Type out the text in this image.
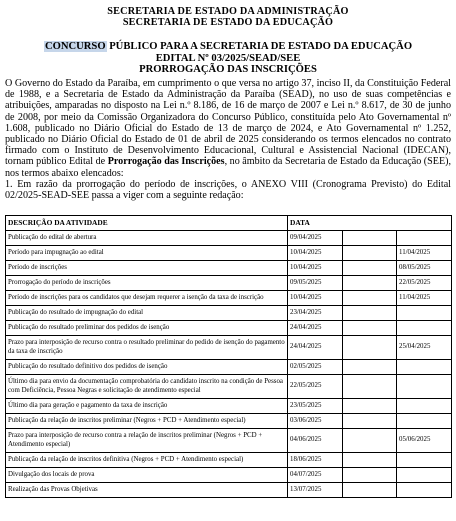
SECRETARIA DE ESTADO DA ADMINISTRAÇÃO
SECRETARIA DE ESTADO DA EDUCAÇÃO
CONCURSO PÚBLICO PARA A SECRETARIA DE ESTADO DA EDUCAÇÃO
EDITAL Nº 03/2025/SEAD/SEE
PRORROGAÇÃO DAS INSCRIÇÕES

O Governo do Estado da Paraíba, em cumprimento o que versa no artigo 37, inciso II, da Constituição Federal de 1988, e a Secretaria de Estado da Administração da Paraíba (SEAD), no uso de suas competências e atribuições, amparadas no disposto na Lei n.º 8.186, de 16 de março de 2007 e Lei n.º 8.617, de 30 de junho de 2008, por meio da Comissão Organizadora do Concurso Público, constituída pelo Ato Governamental nº 1.608, publicado no Diário Oficial do Estado de 13 de março de 2024, e Ato Governamental nº 1.252, publicado no Diário Oficial do Estado de 01 de abril de 2025 considerando os termos elencados no contrato firmado com o Instituto de Desenvolvimento Educacional, Cultural e Assistencial Nacional (IDECAN), tornam público Edital de Prorrogação das Inscrições, no âmbito da Secretaria de Estado da Educação (SEE), nos termos abaixo elencados:

1. Em razão da prorrogação do período de inscrições, o ANEXO VIII (Cronograma Previsto) do Edital 02/2025-SEAD-SEE passa a viger com a seguinte redação:

DESCRIÇÃO DA ATIVIDADE	DATA		
Publicação do edital de abertura	09/04/2025		
Período para impugnação ao edital	10/04/2025		11/04/2025
Período de inscrições	10/04/2025		08/05/2025
Prorrogação do período de inscrições	09/05/2025		22/05/2025
Período de inscrições para os candidatos que desejam requerer a isenção da taxa de inscrição	10/04/2025		11/04/2025
Publicação do resultado de impugnação do edital	23/04/2025		
Publicação do resultado preliminar dos pedidos de isenção	24/04/2025		
Prazo para interposição de recurso contra o resultado preliminar do pedido de isenção do pagamento da taxa de inscrição	24/04/2025		25/04/2025
Publicação do resultado definitivo dos pedidos de isenção	02/05/2025		
Último dia para envio da documentação comprobatória do candidato inscrito na condição de Pessoa com Deficiência, Pessoa Negras e solicitação de atendimento especial	22/05/2025		
Último dia para geração e pagamento da taxa de inscrição	23/05/2025		
Publicação da relação de inscritos preliminar (Negros + PCD + Atendimento especial)	03/06/2025		
Prazo para interposição de recurso contra a relação de inscritos preliminar (Negros + PCD + Atendimento especial)	04/06/2025		05/06/2025
Publicação da relação de inscritos definitiva (Negros + PCD + Atendimento especial)	18/06/2025		
Divulgação dos locais de prova	04/07/2025		
Realização das Provas Objetivas	13/07/2025		
